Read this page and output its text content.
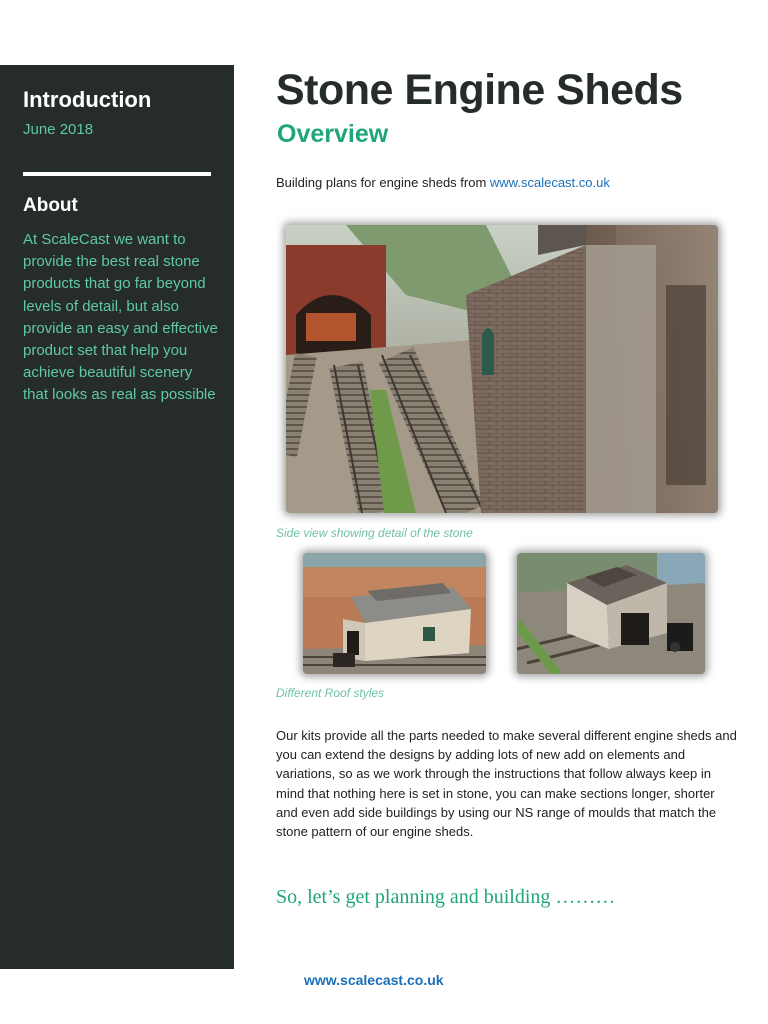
Introduction
June 2018
About
At ScaleCast we want to provide the best real stone products that go far beyond levels of detail, but also provide an easy and effective product set that help you achieve beautiful scenery that looks as real as possible
Stone Engine Sheds
Overview
Building plans for engine sheds from www.scalecast.co.uk
Side view showing detail of the stone
Different Roof styles
Our kits provide all the parts needed to make several different engine sheds and you can extend the designs by adding lots of new add on elements and variations, so as we work through the instructions that follow always keep in mind that nothing here is set in stone, you can make sections longer, shorter and even add side buildings by using our NS range of moulds that match the stone pattern of our engine sheds.
So, let’s get planning and building ………
www.scalecast.co.uk
